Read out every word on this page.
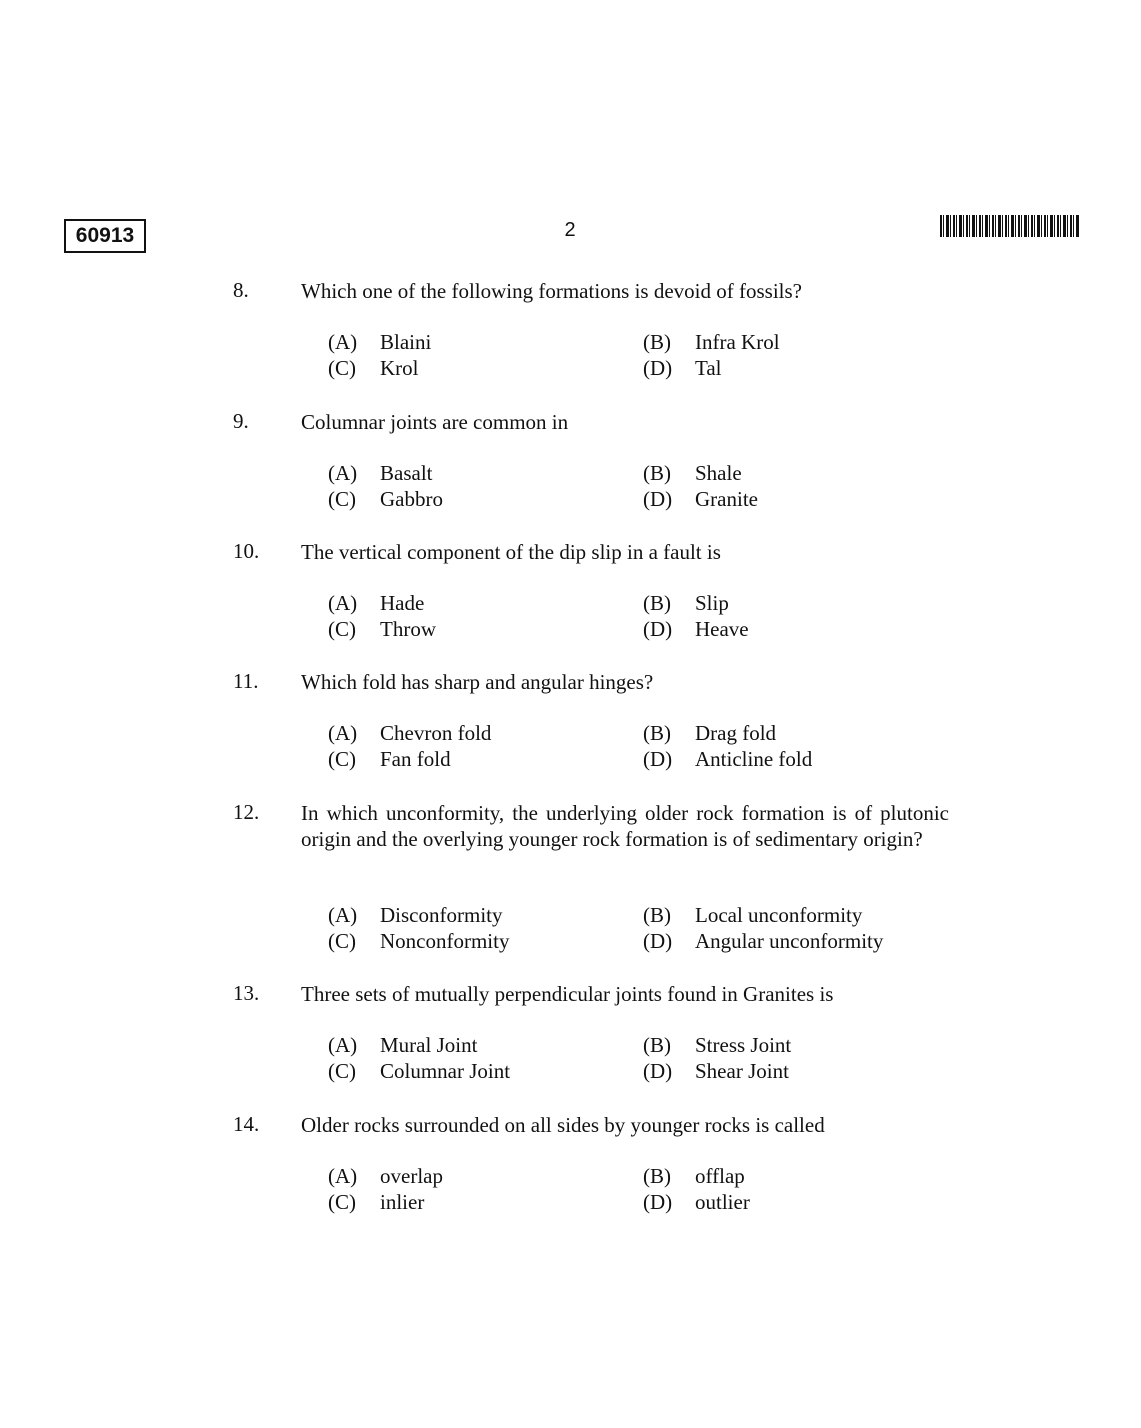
60913	2
8. Which one of the following formations is devoid of fossils?
(A) Blaini	(B) Infra Krol
(C) Krol	(D) Tal
9. Columnar joints are common in
(A) Basalt	(B) Shale
(C) Gabbro	(D) Granite
10. The vertical component of the dip slip in a fault is
(A) Hade	(B) Slip
(C) Throw	(D) Heave
11. Which fold has sharp and angular hinges?
(A) Chevron fold	(B) Drag fold
(C) Fan fold	(D) Anticline fold
12. In which unconformity, the underlying older rock formation is of plutonic origin and the overlying younger rock formation is of sedimentary origin?
(A) Disconformity	(B) Local unconformity
(C) Nonconformity	(D) Angular unconformity
13. Three sets of mutually perpendicular joints found in Granites is
(A) Mural Joint	(B) Stress Joint
(C) Columnar Joint	(D) Shear Joint
14. Older rocks surrounded on all sides by younger rocks is called
(A) overlap	(B) offlap
(C) inlier	(D) outlier
